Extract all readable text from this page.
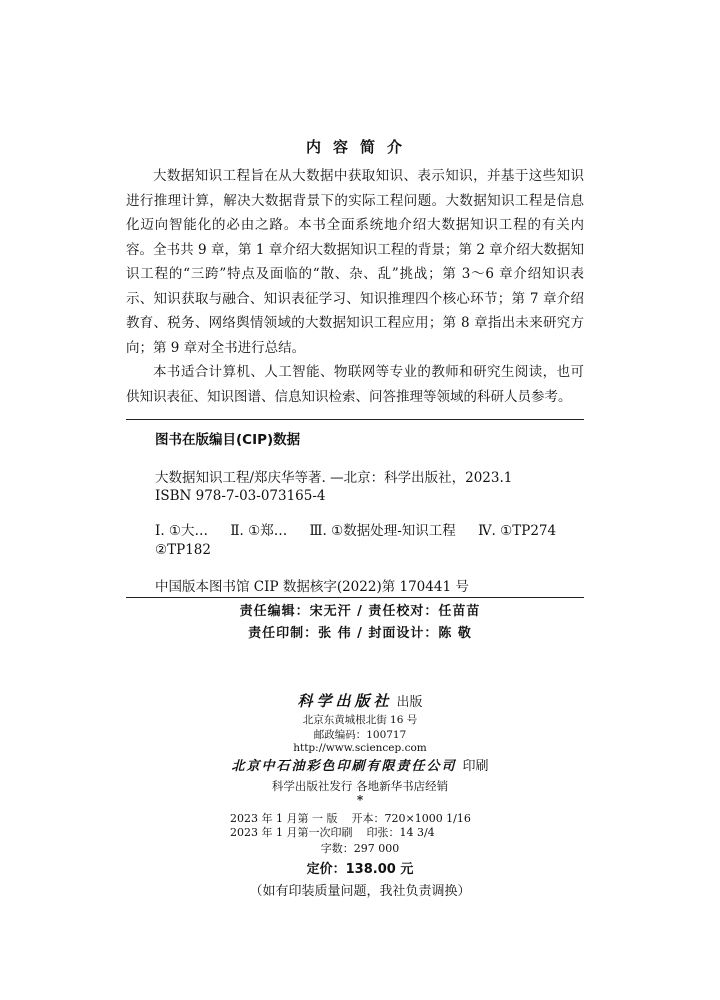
内容简介

大数据知识工程旨在从大数据中获取知识、表示知识，并基于这些知识进行推理计算，解决大数据背景下的实际工程问题。大数据知识工程是信息化迈向智能化的必由之路。本书全面系统地介绍大数据知识工程的有关内容。全书共 9 章，第 1 章介绍大数据知识工程的背景；第 2 章介绍大数据知识工程的“三跨”特点及面临的“散、杂、乱”挑战；第 3～6 章介绍知识表示、知识获取与融合、知识表征学习、知识推理四个核心环节；第 7 章介绍教育、税务、网络舆情领域的大数据知识工程应用；第 8 章指出未来研究方向；第 9 章对全书进行总结。

本书适合计算机、人工智能、物联网等专业的教师和研究生阅读，也可供知识表征、知识图谱、信息知识检索、问答推理等领域的科研人员参考。

图书在版编目(CIP)数据
大数据知识工程/郑庆华等著. —北京：科学出版社，2023.1
ISBN 978-7-03-073165-4
Ⅰ. ①大… Ⅱ. ①郑… Ⅲ. ①数据处理-知识工程 Ⅳ. ①TP274
②TP182
中国版本图书馆 CIP 数据核字(2022)第 170441 号
责任编辑：宋无汗 / 责任校对：任苗苗
责任印制：张 伟 / 封面设计：陈 敬
科学出版社 出版
北京东黄城根北街 16 号
邮政编码：100717
http://www.sciencep.com
北京中石油彩色印刷有限责任公司 印刷
科学出版社发行 各地新华书店经销
*
2023 年 1 月第 一 版 开本：720×1000 1/16
2023 年 1 月第一次印刷 印张：14 3/4
字数：297 000
定价：138.00 元
（如有印装质量问题，我社负责调换）
